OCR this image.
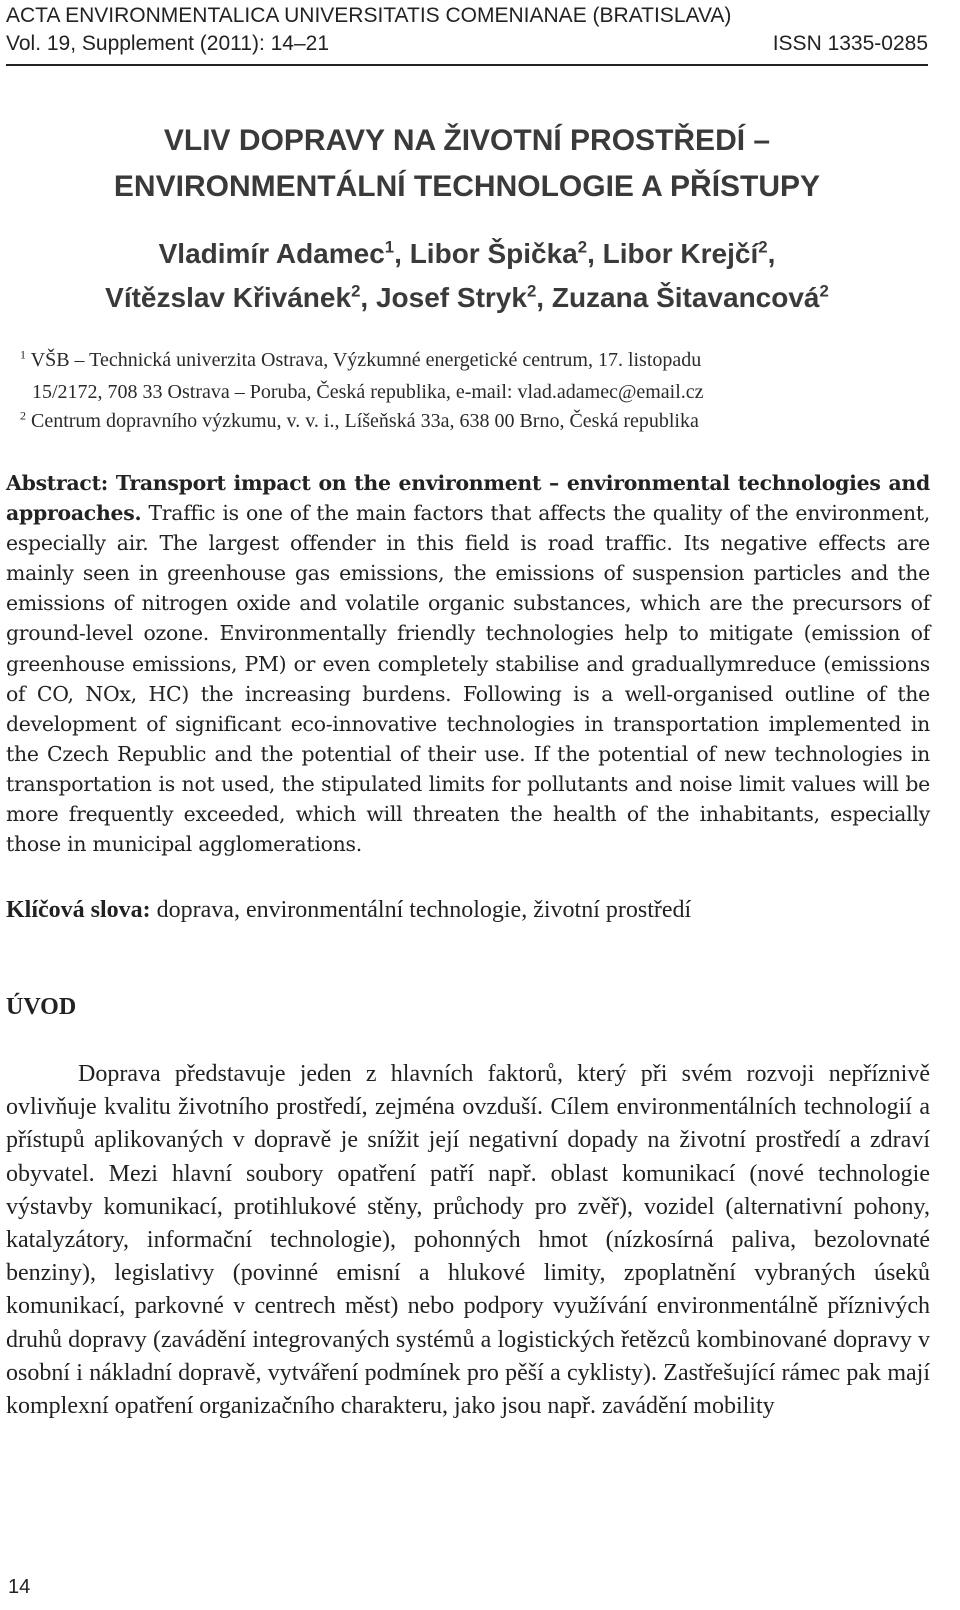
ACTA ENVIRONMENTALICA UNIVERSITATIS COMENIANAE (BRATISLAVA)
Vol. 19, Supplement (2011): 14–21	ISSN 1335-0285
VLIV DOPRAVY NA ŽIVOTNÍ PROSTŘEDÍ –
ENVIRONMENTÁLNÍ TECHNOLOGIE A PŘÍSTUPY
Vladimír Adamec$^1$, Libor Špička$^2$, Libor Krejčí$^2$,
Vítězslav Křivánek$^2$, Josef Stryk$^2$, Zuzana Šitavancová$^2$
$^1$ VŠB – Technická univerzita Ostrava, Výzkumné energetické centrum, 17. listopadu
15/2172, 708 33 Ostrava – Poruba, Česká republika, e-mail: vlad.adamec@email.cz
$^2$ Centrum dopravního výzkumu, v. v. i., Líšeňská 33a, 638 00 Brno, Česká republika
Abstract: Transport impact on the environment – environmental technologies and approaches. Traffic is one of the main factors that affects the quality of the environment, especially air. The largest offender in this field is road traffic. Its negative effects are mainly seen in greenhouse gas emissions, the emissions of suspension particles and the emissions of nitrogen oxide and volatile organic substances, which are the precursors of ground-level ozone. Environmentally friendly technologies help to mitigate (emission of greenhouse emissions, PM) or even completely stabilise and graduallymreduce (emissions of CO, NOx, HC) the increasing burdens. Following is a well-organised outline of the development of significant eco-innovative technologies in transportation implemented in the Czech Republic and the potential of their use. If the potential of new technologies in transportation is not used, the stipulated limits for pollutants and noise limit values will be more frequently exceeded, which will threaten the health of the inhabitants, especially those in municipal agglomerations.
Klíčová slova: doprava, environmentální technologie, životní prostředí
ÚVOD

Doprava představuje jeden z hlavních faktorů, který při svém rozvoji nepříznivě ovlivňuje kvalitu životního prostředí, zejména ovzduší. Cílem environmentálních technologií a přístupů aplikovaných v dopravě je snížit její negativní dopady na životní prostředí a zdraví obyvatel. Mezi hlavní soubory opatření patří např. oblast komunikací (nové technologie výstavby komunikací, protihlukové stěny, průchody pro zvěř), vozidel (alternativní pohony, katalyzátory, informační technologie), pohonných hmot (nízkosírná paliva, bezolovnaté benziny), legislativy (povinné emisní a hlukové limity, zpoplatnění vybraných úseků komunikací, parkovné v centrech měst) nebo podpory využívání environmentálně příznivých druhů dopravy (zavádění integrovaných systémů a logistických řetězců kombinované dopravy v osobní i nákladní dopravě, vytváření podmínek pro pěší a cyklisty). Zastřešující rámec pak mají komplexní opatření organizačního charakteru, jako jsou např. zavádění mobility

14
